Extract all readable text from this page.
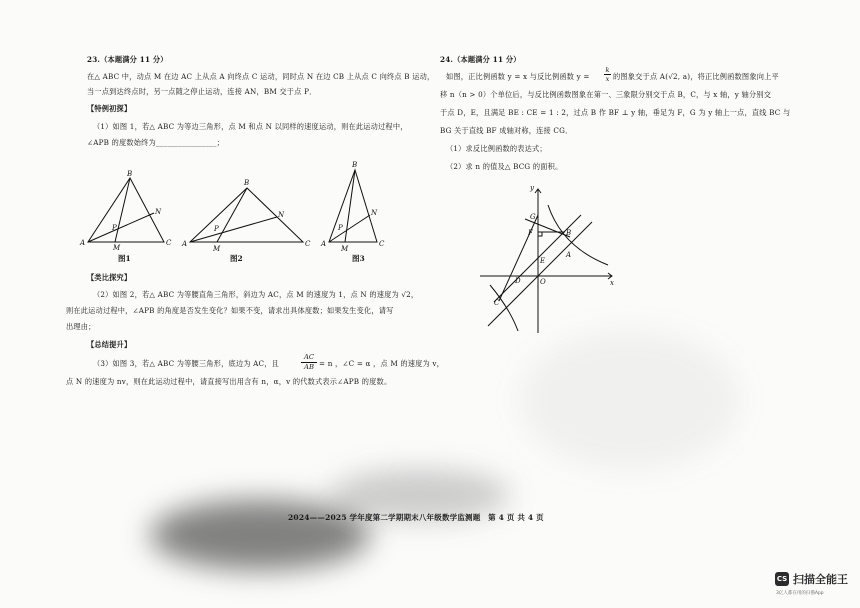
23.（本题满分 11 分）
在△ ABC 中，动点 M 在边 AC 上从点 A 向终点 C 运动，同时点 N 在边 CB 上从点 C 向终点 B 运动，
当一点到达终点时，另一点随之停止运动，连接 AN，BM 交于点 P．
【特例初探】
（1）如图 1，若△ ABC 为等边三角形，点 M 和点 N 以同样的速度运动，则在此运动过程中，
∠APB 的度数始终为________________；
B
A	C
M
N
P
图1
B
A	C
M
N
P
图2
B
A	C
M
N
P
图3
【类比探究】
（2）如图 2，若△ ABC 为等腰直角三角形，斜边为 AC，点 M 的速度为 1，点 N 的速度为 √2，
则在此运动过程中，∠APB 的角度是否发生变化？如果不变，请求出具体度数；如果发生变化，请写
出理由；
【总结提升】
（3）如图 3，若△ ABC 为等腰三角形，底边为 AC，且	$\frac{AC}{AB} = n$ ，∠C = α ，点 M 的速度为 v，
点 N 的速度为 nv，则在此运动过程中，请直接写出用含有 n，α，v 的代数式表示∠APB 的度数。
24.（本题满分 11 分）
如图，正比例函数 y = x 与反比例函数 $y = \frac{k}{x}$ 的图象交于点 A(√2, a)，将正比例函数图象向上平
移 n（n > 0）个单位后，与反比例函数图象在第一、三象限分别交于点 B，C，与 x 轴，y 轴分别交
于点 D，E，且满足 BE : CE = 1 : 2，过点 B 作 BF ⊥ y 轴，垂足为 F，G 为 y 轴上一点，直线 BC 与
BG 关于直线 BF 成轴对称，连接 CG．
（1）求反比例函数的表达式；
（2）求 n 的值及△ BCG 的面积。
y
G
F	B
A
E
D	O	x
C
2024——2025 学年度第二学期期末八年级数学监测题　第 4 页 共 4 页
CS 扫描全能王
3亿人都在用的扫描App
